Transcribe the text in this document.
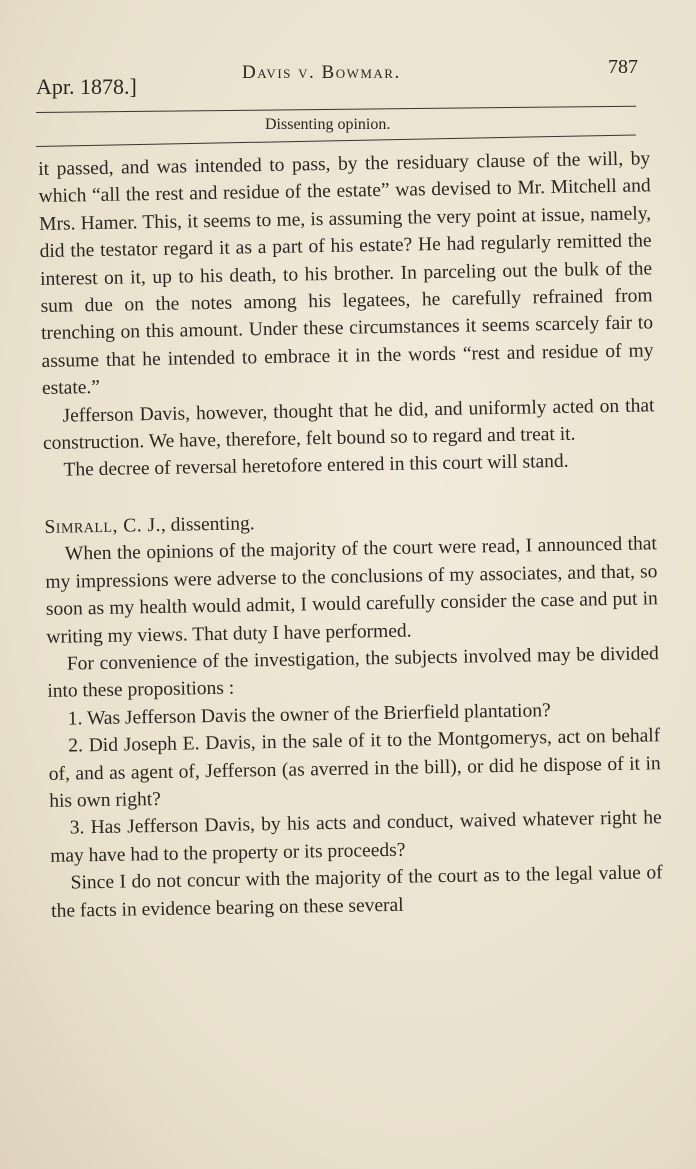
Apr. 1878.]
Davis v. Bowmar.	787
Dissenting opinion.

it passed, and was intended to pass, by the residuary clause of the will, by which “all the rest and residue of the estate” was devised to Mr. Mitchell and Mrs. Hamer. This, it seems to me, is assuming the very point at issue, namely, did the testator regard it as a part of his estate? He had regularly remitted the interest on it, up to his death, to his brother. In parceling out the bulk of the sum due on the notes among his legatees, he carefully refrained from trenching on this amount. Under these circumstances it seems scarcely fair to assume that he intended to embrace it in the words “rest and residue of my estate.”

Jefferson Davis, however, thought that he did, and uniformly acted on that construction. We have, therefore, felt bound so to regard and treat it.

The decree of reversal heretofore entered in this court will stand.

Simrall, C. J., dissenting.

When the opinions of the majority of the court were read, I announced that my impressions were adverse to the conclusions of my associates, and that, so soon as my health would admit, I would carefully consider the case and put in writing my views. That duty I have performed.

For convenience of the investigation, the subjects involved may be divided into these propositions :

1. Was Jefferson Davis the owner of the Brierfield plantation?

2. Did Joseph E. Davis, in the sale of it to the Montgomerys, act on behalf of, and as agent of, Jefferson (as averred in the bill), or did he dispose of it in his own right?

3. Has Jefferson Davis, by his acts and conduct, waived whatever right he may have had to the property or its proceeds?

Since I do not concur with the majority of the court as to the legal value of the facts in evidence bearing on these several
